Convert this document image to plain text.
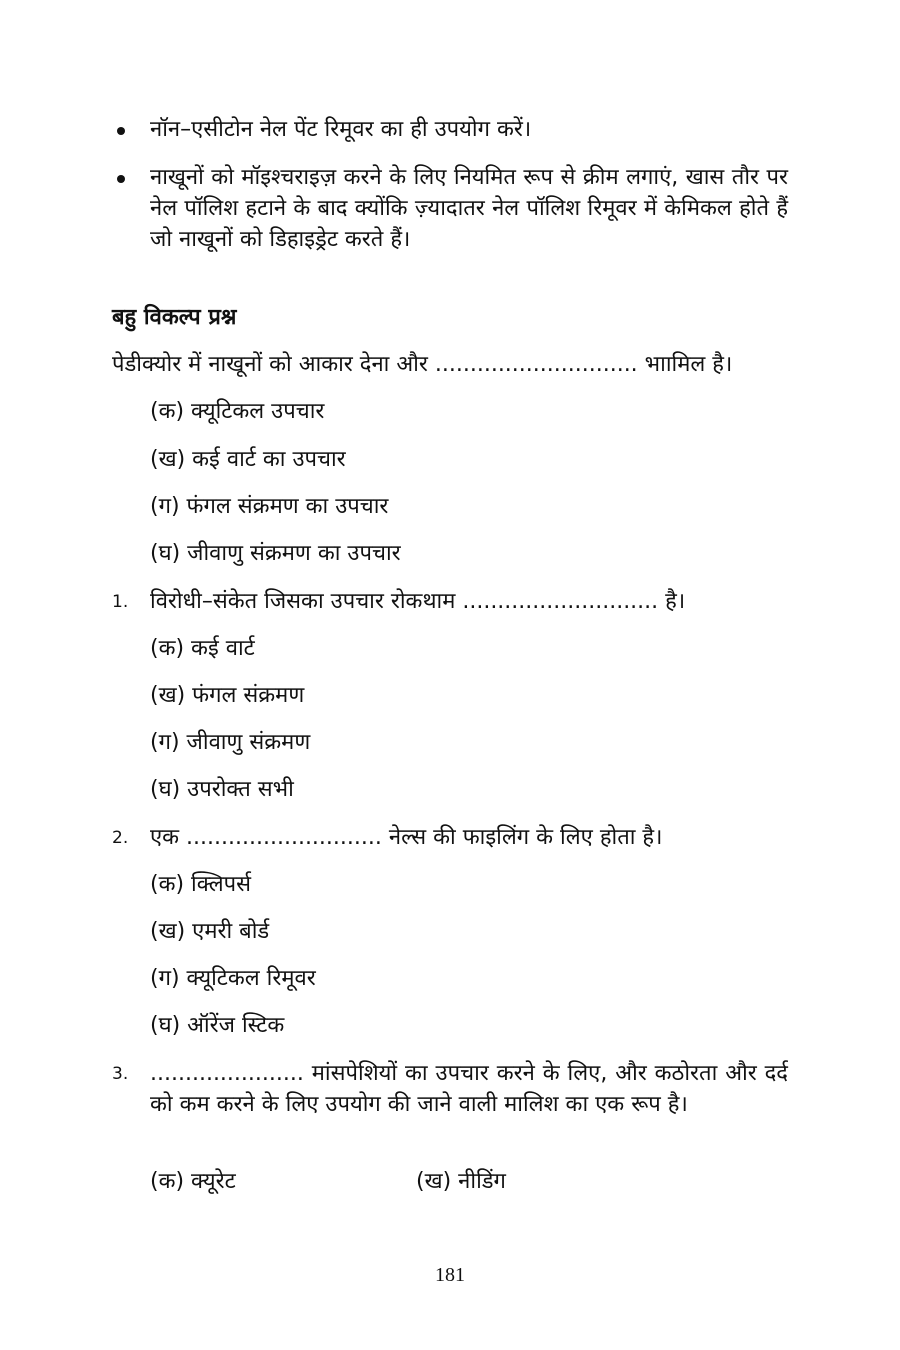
नॉन–एसीटोन नेल पेंट रिमूवर का ही उपयोग करें।
नाखूनों को मॉइश्चराइज़ करने के लिए नियमित रूप से क्रीम लगाएं, खास तौर पर नेल पॉलिश हटाने के बाद क्योंकि ज़्यादातर नेल पॉलिश रिमूवर में केमिकल होते हैं जो नाखूनों को डिहाइड्रेट करते हैं।
बहु विकल्प प्रश्न
पेडीक्योर में नाखूनों को आकार देना और ............................. भाामिल है।
(क) क्यूटिकल उपचार
(ख) कई वार्ट का उपचार
(ग) फंगल संक्रमण का उपचार
(घ) जीवाणु संक्रमण का उपचार
1. विरोधी–संकेत जिसका उपचार रोकथाम ............................ है।
(क) कई वार्ट
(ख) फंगल संक्रमण
(ग) जीवाणु संक्रमण
(घ) उपरोक्त सभी
2. एक ............................ नेल्स की फाइलिंग के लिए होता है।
(क) क्लिपर्स
(ख) एमरी बोर्ड
(ग) क्यूटिकल रिमूवर
(घ) ऑरेंज स्टिक
3. ...................... मांसपेशियों का उपचार करने के लिए, और कठोरता और दर्द को कम करने के लिए उपयोग की जाने वाली मालिश का एक रूप है।
(क) क्यूरेट	(ख) नीडिंग
181
